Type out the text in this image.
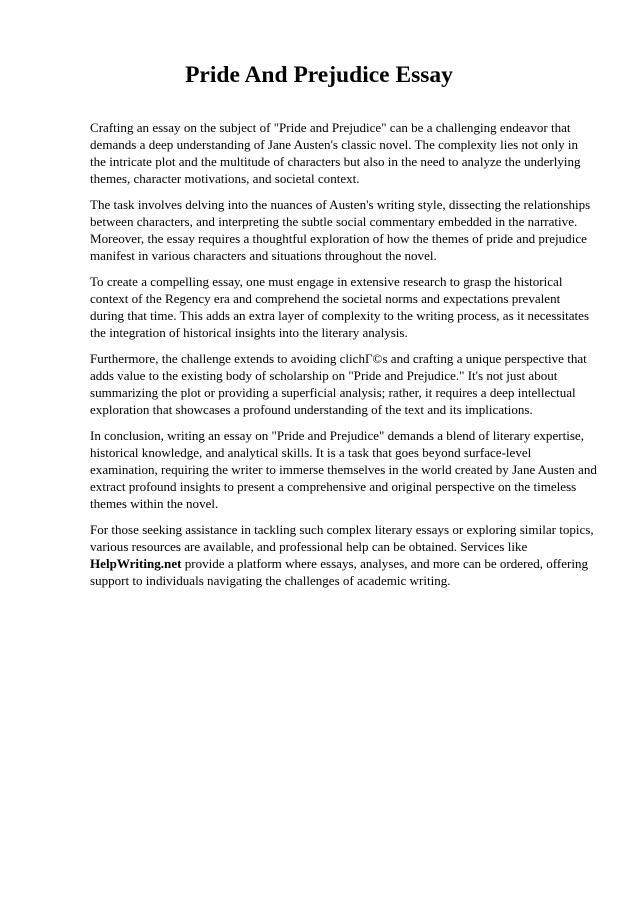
Pride And Prejudice Essay

Crafting an essay on the subject of "Pride and Prejudice" can be a challenging endeavor that
demands a deep understanding of Jane Austen's classic novel. The complexity lies not only in
the intricate plot and the multitude of characters but also in the need to analyze the underlying
themes, character motivations, and societal context.

The task involves delving into the nuances of Austen's writing style, dissecting the relationships
between characters, and interpreting the subtle social commentary embedded in the narrative.
Moreover, the essay requires a thoughtful exploration of how the themes of pride and prejudice
manifest in various characters and situations throughout the novel.

To create a compelling essay, one must engage in extensive research to grasp the historical
context of the Regency era and comprehend the societal norms and expectations prevalent
during that time. This adds an extra layer of complexity to the writing process, as it necessitates
the integration of historical insights into the literary analysis.

Furthermore, the challenge extends to avoiding clichГ©s and crafting a unique perspective that
adds value to the existing body of scholarship on "Pride and Prejudice." It's not just about
summarizing the plot or providing a superficial analysis; rather, it requires a deep intellectual
exploration that showcases a profound understanding of the text and its implications.

In conclusion, writing an essay on "Pride and Prejudice" demands a blend of literary expertise,
historical knowledge, and analytical skills. It is a task that goes beyond surface-level
examination, requiring the writer to immerse themselves in the world created by Jane Austen and
extract profound insights to present a comprehensive and original perspective on the timeless
themes within the novel.

For those seeking assistance in tackling such complex literary essays or exploring similar topics,
various resources are available, and professional help can be obtained. Services like
HelpWriting.net provide a platform where essays, analyses, and more can be ordered, offering
support to individuals navigating the challenges of academic writing.
